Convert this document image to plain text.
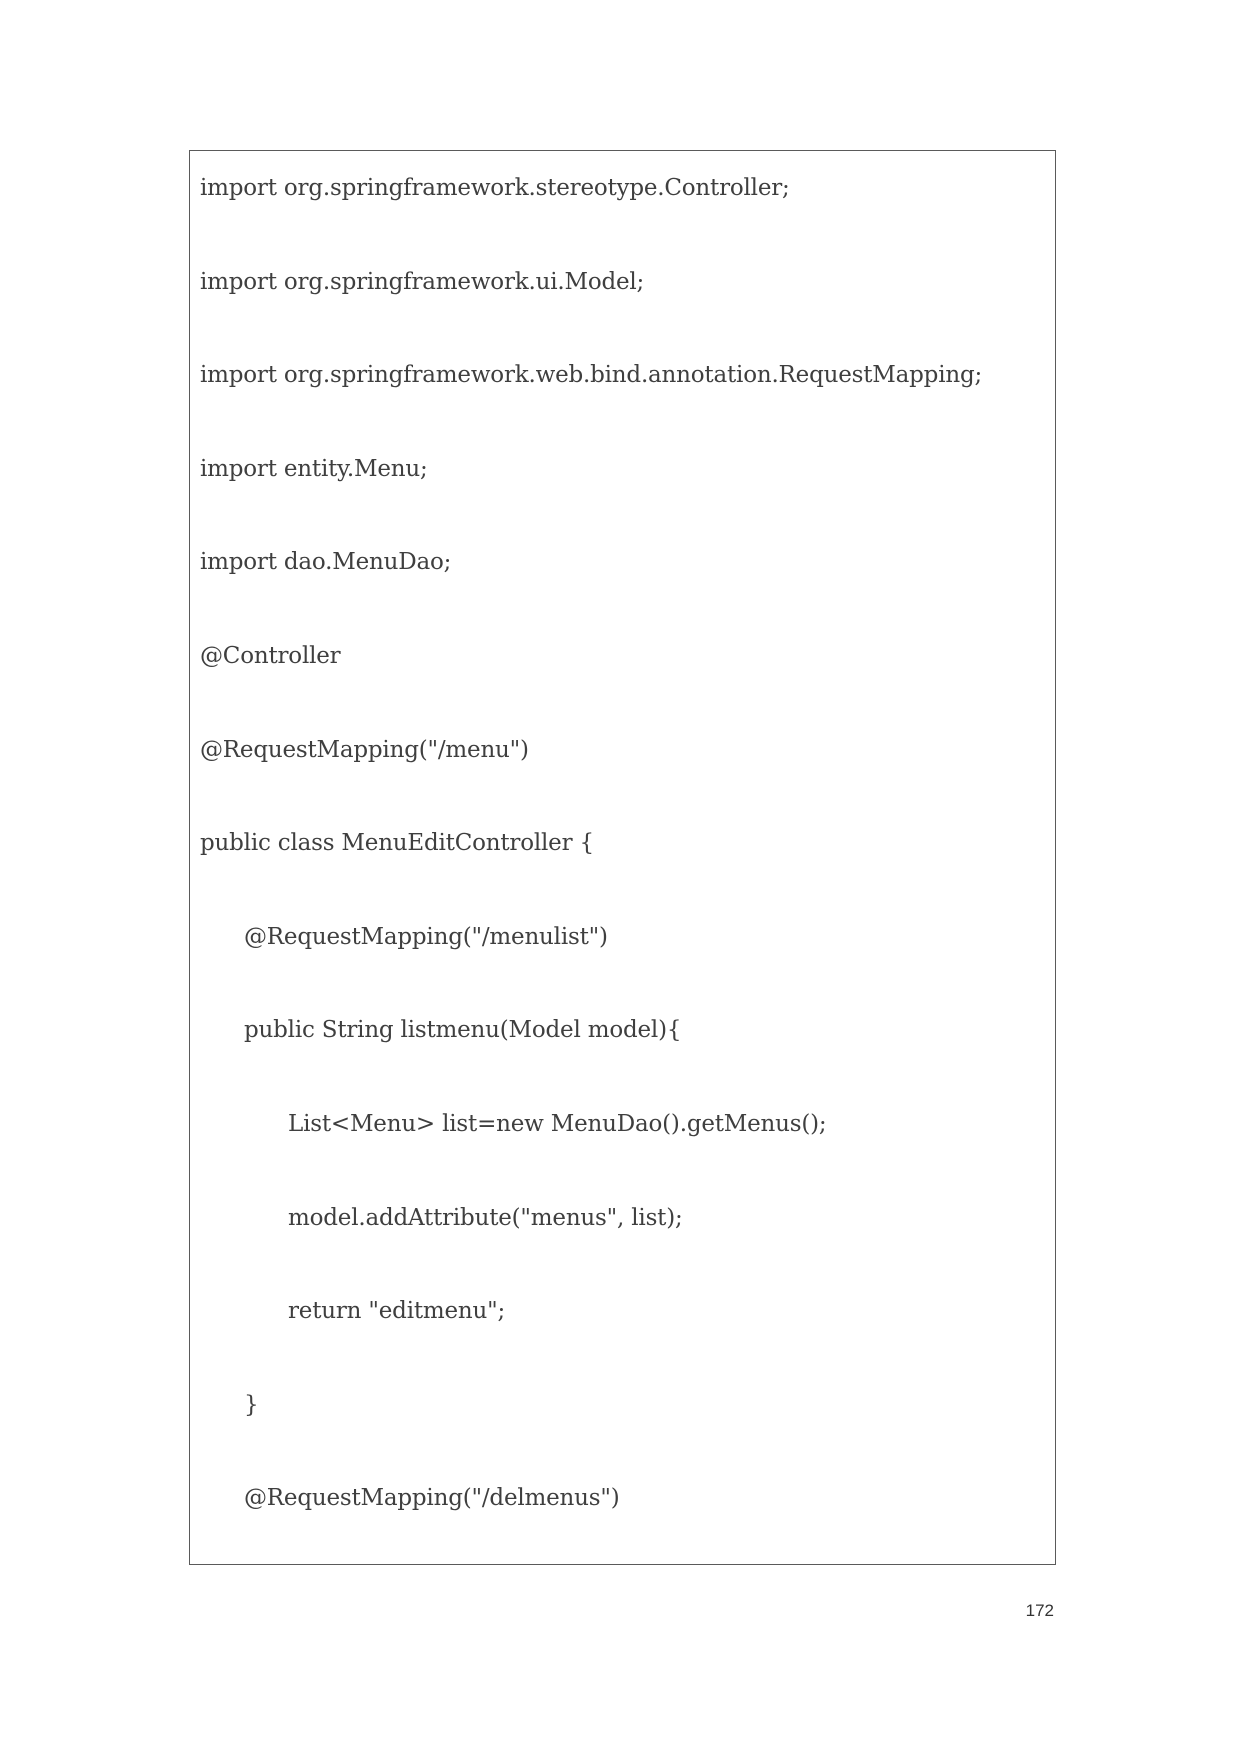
import org.springframework.stereotype.Controller;
import org.springframework.ui.Model;
import org.springframework.web.bind.annotation.RequestMapping;
import entity.Menu;
import dao.MenuDao;
@Controller
@RequestMapping("/menu")
public class MenuEditController {
@RequestMapping("/menulist")
public String listmenu(Model model){
List<Menu> list=new MenuDao().getMenus();
model.addAttribute("menus", list);
return "editmenu";
}
@RequestMapping("/delmenus")
172
